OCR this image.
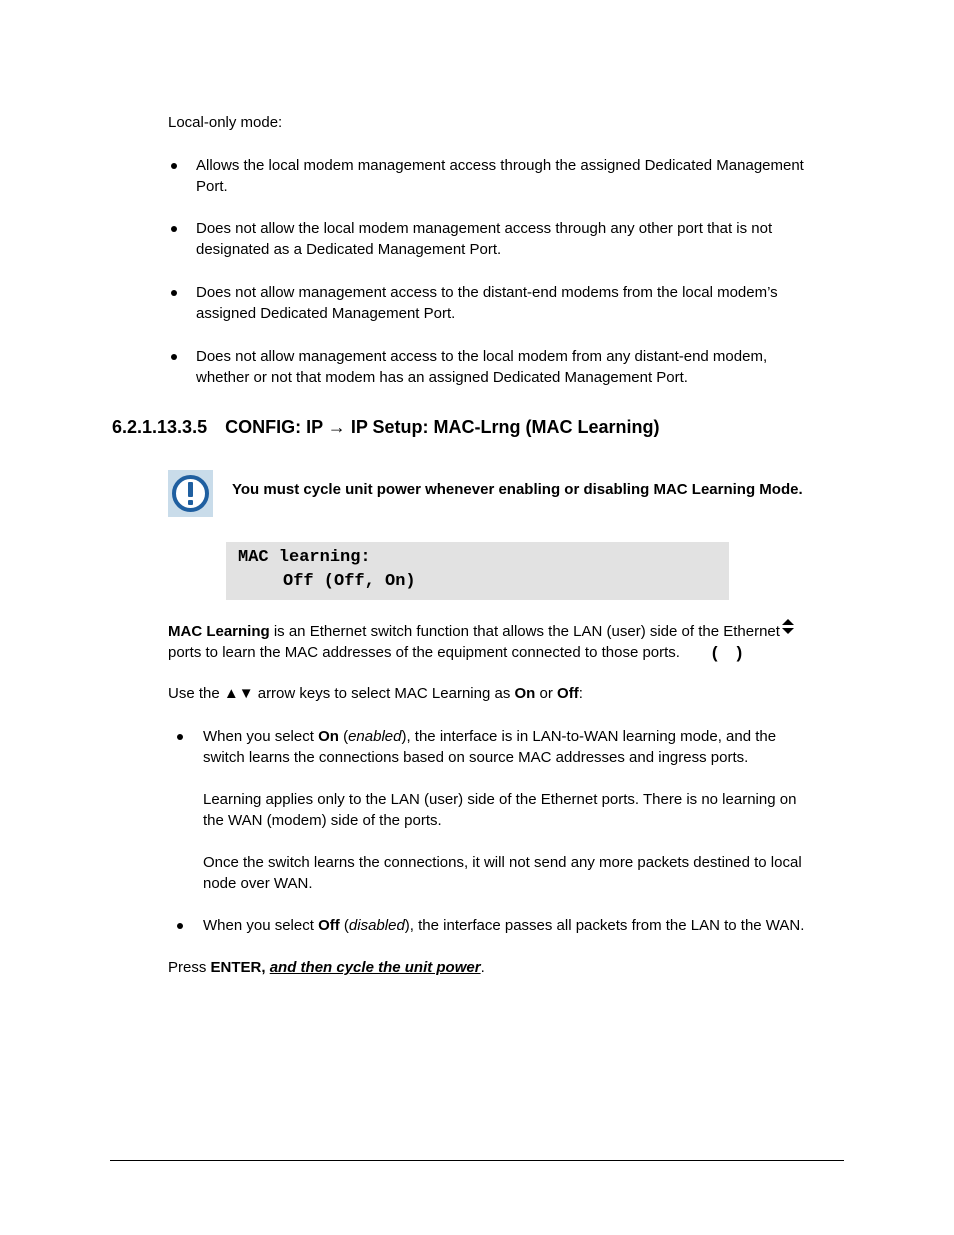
Local-only mode:
Allows the local modem management access through the assigned Dedicated Management
Port.
Does not allow the local modem management access through any other port that is not
designated as a Dedicated Management Port.
Does not allow management access to the distant-end modems from the local modem’s
assigned Dedicated Management Port.
Does not allow management access to the local modem from any distant-end modem,
whether or not that modem has an assigned Dedicated Management Port.
6.2.1.13.3.5 CONFIG: IP → IP Setup: MAC-Lrng (MAC Learning)
You must cycle unit power whenever enabling or disabling MAC Learning Mode.
MAC learning:
Off (Off, On)

(
)

MAC Learning is an Ethernet switch function that allows the LAN (user) side of the Ethernet
ports to learn the MAC addresses of the equipment connected to those ports.
Use the ▲▼ arrow keys to select MAC Learning as On or Off:
When you select On (enabled), the interface is in LAN-to-WAN learning mode, and the
switch learns the connections based on source MAC addresses and ingress ports.
Learning applies only to the LAN (user) side of the Ethernet ports. There is no learning on
the WAN (modem) side of the ports.
Once the switch learns the connections, it will not send any more packets destined to local
node over WAN.
When you select Off (disabled), the interface passes all packets from the LAN to the WAN.
Press ENTER, and then cycle the unit power.
